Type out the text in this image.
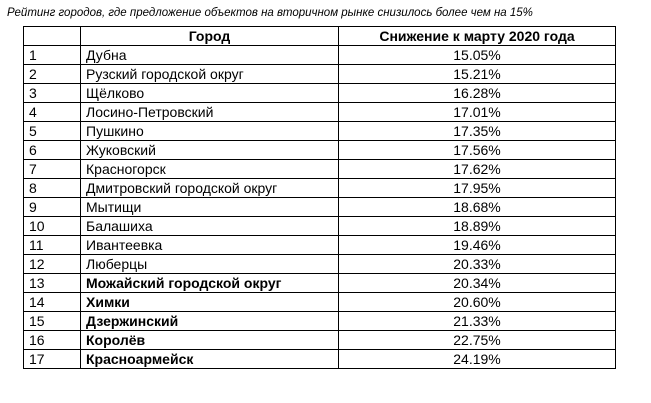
Рейтинг городов, где предложение объектов на вторичном рынке снизилось более чем на 15%
	Город	Снижение к марту 2020 года
1	Дубна	15.05%
2	Рузский городской округ	15.21%
3	Щёлково	16.28%
4	Лосино-Петровский	17.01%
5	Пушкино	17.35%
6	Жуковский	17.56%
7	Красногорск	17.62%
8	Дмитровский городской округ	17.95%
9	Мытищи	18.68%
10	Балашиха	18.89%
11	Ивантеевка	19.46%
12	Люберцы	20.33%
13	Можайский городской округ	20.34%
14	Химки	20.60%
15	Дзержинский	21.33%
16	Королёв	22.75%
17	Красноармейск	24.19%
